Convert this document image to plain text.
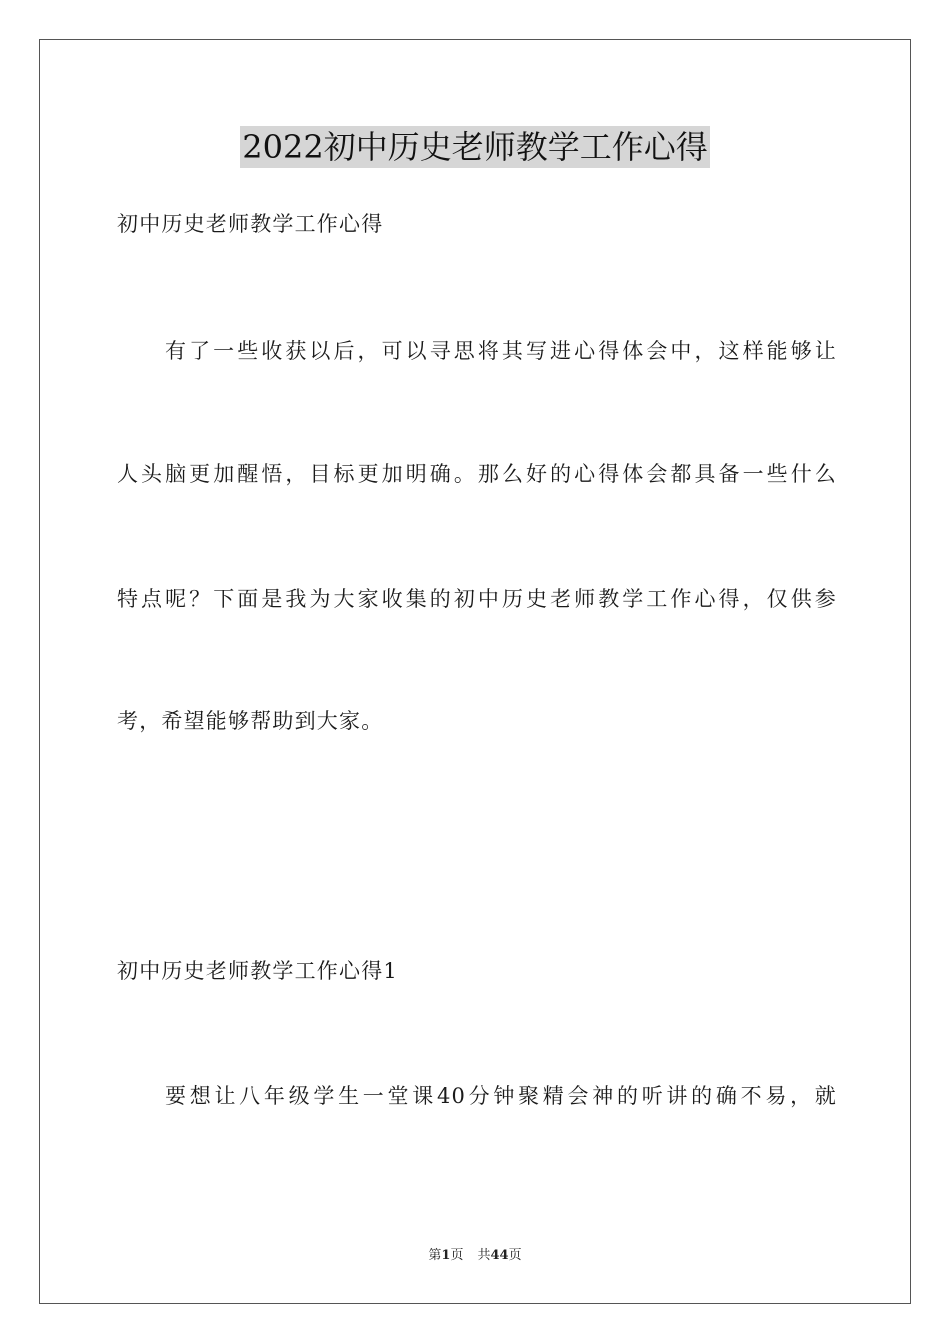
2022初中历史老师教学工作心得
初中历史老师教学工作心得
有了一些收获以后，可以寻思将其写进心得体会中，这样能够让
人头脑更加醒悟，目标更加明确。那么好的心得体会都具备一些什么
特点呢？下面是我为大家收集的初中历史老师教学工作心得，仅供参
考，希望能够帮助到大家。
初中历史老师教学工作心得1
要想让八年级学生一堂课40分钟聚精会神的听讲的确不易，就
第1页 共44页
